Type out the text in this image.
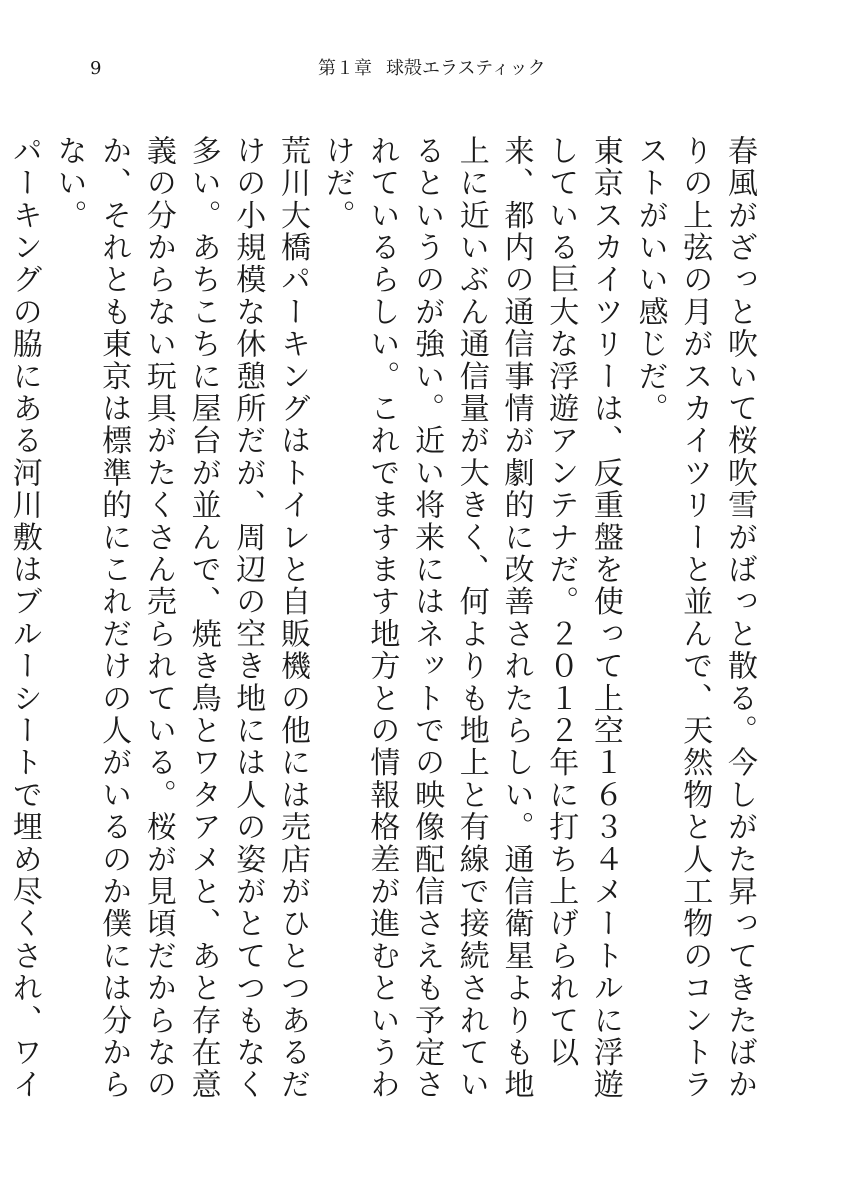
9	第１章 球殻エラスティック

春風がざっと吹いて桜吹雪がばっと散る。今しがた昇ってきたばかりの上弦の月がスカイツリーと並んで、天然物と人工物のコントラストがいい感じだ。

東京スカイツリーは、反重盤を使って上空１６３４メートルに浮遊している巨大な浮遊アンテナだ。２０１２年に打ち上げられて以来、都内の通信事情が劇的に改善されたらしい。通信衛星よりも地上に近いぶん通信量が大きく、何よりも地上と有線で接続されているというのが強い。近い将来にはネットでの映像配信さえも予定されているらしい。これでますます地方との情報格差が進むというわけだ。

荒川大橋パーキングはトイレと自販機の他には売店がひとつあるだけの小規模な休憩所だが、周辺の空き地には人の姿がとてつもなく多い。あちこちに屋台が並んで、焼き鳥とワタアメと、あと存在意義の分からない玩具がたくさん売られている。桜が見頃だからなのか、それとも東京は標準的にこれだけの人がいるのか僕には分からない。

パーキングの脇にある河川敷はブルーシートで埋め尽くされ、ワイ
